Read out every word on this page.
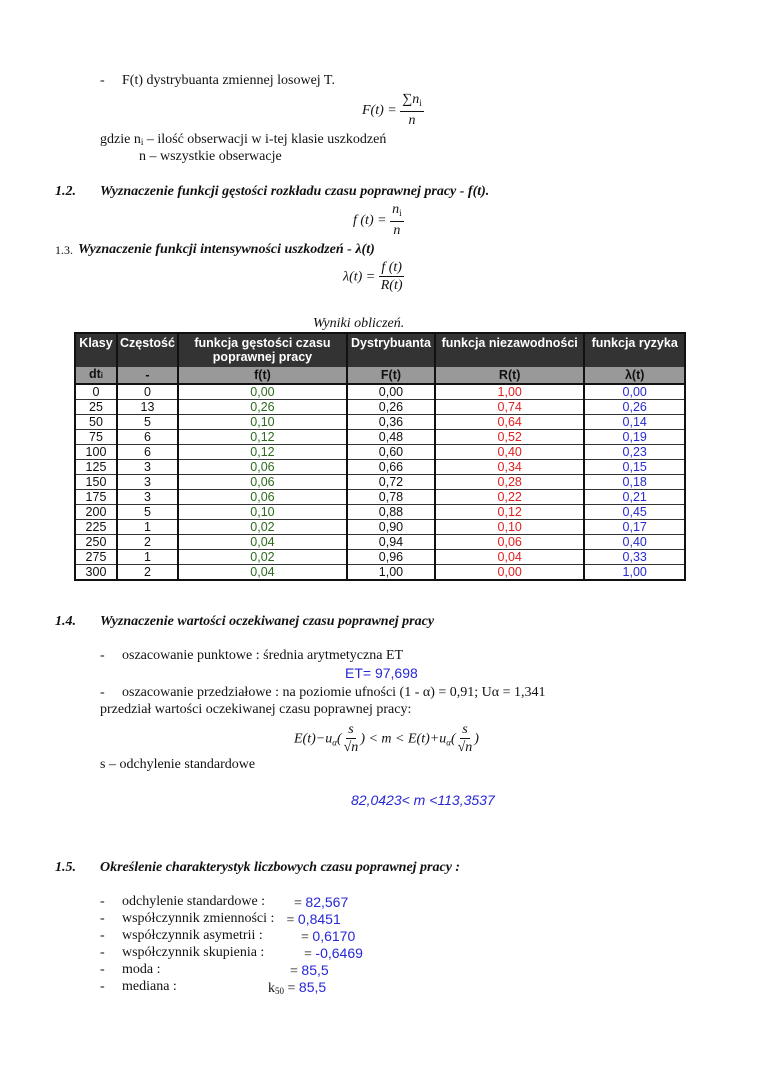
- F(t) dystrybuanta zmiennej losowej T.
$F(t) = \frac{\sum n_i}{n}$
gdzie ni – ilość obserwacji w i-tej klasie uszkodzeń
n – wszystkie obserwacje
1.2. Wyznaczenie funkcji gęstości rozkładu czasu poprawnej pracy - f(t).
f $(t) = \frac{n_i}{n}$
1.3. Wyznaczenie funkcji intensywności uszkodzeń - λ(t)
$\lambda(t) = \frac{f (t)}{R(t)}$
Wyniki obliczeń.
Klasy	Częstość	funkcja gęstości czasu poprawnej pracy	Dystrybuanta	funkcja niezawodności	funkcja ryzyka
dti	-	f(t)	F(t)	R(t)	λ(t)
0	0	0,00	0,00	1,00	0,00
25	13	0,26	0,26	0,74	0,26
50	5	0,10	0,36	0,64	0,14
75	6	0,12	0,48	0,52	0,19
100	6	0,12	0,60	0,40	0,23
125	3	0,06	0,66	0,34	0,15
150	3	0,06	0,72	0,28	0,18
175	3	0,06	0,78	0,22	0,21
200	5	0,10	0,88	0,12	0,45
225	1	0,02	0,90	0,10	0,17
250	2	0,04	0,94	0,06	0,40
275	1	0,02	0,96	0,04	0,33
300	2	0,04	1,00	0,00	1,00
1.4. Wyznaczenie wartości oczekiwanej czasu poprawnej pracy
- oszacowanie punktowe : średnia arytmetyczna ET
ET= 97,698
- oszacowanie przedziałowe : na poziomie ufności (1 - α) = 0,91; Uα = 1,341
przedział wartości oczekiwanej czasu poprawnej pracy:
$E(t)-u_\alpha( \frac{s}{√n}$ ) < $m < E(t)+u_\alpha( \frac{s}{√n}$ )
s – odchylenie standardowe
82,0423< m <113,3537
1.5. Określenie charakterystyk liczbowych czasu poprawnej pracy :
- odchylenie standardowe : = 82,567
- współczynnik zmienności : = 0,8451
- współczynnik asymetrii : = 0,6170
- współczynnik skupienia : = -0,6469
- moda :	= 85,5
- mediana :	k50 = 85,5
